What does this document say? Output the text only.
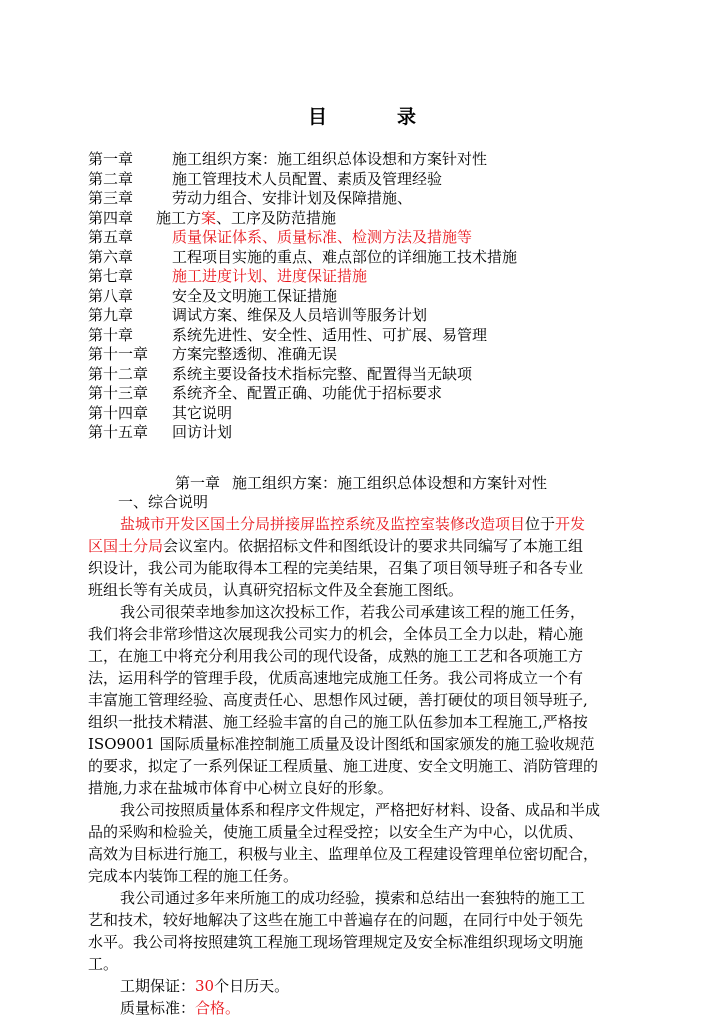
目	录
第一章	施工组织方案：施工组织总体设想和方案针对性
第二章	施工管理技术人员配置、素质及管理经验
第三章	劳动力组合、安排计划及保障措施、
第四章 施工方案、工序及防范措施
第五章	质量保证体系、质量标准、检测方法及措施等
第六章	工程项目实施的重点、难点部位的详细施工技术措施
第七章	施工进度计划、进度保证措施
第八章	安全及文明施工保证措施
第九章	调试方案、维保及人员培训等服务计划
第十章	系统先进性、安全性、适用性、可扩展、易管理
第十一章 方案完整透彻、准确无误
第十二章 系统主要设备技术指标完整、配置得当无缺项
第十三章 系统齐全、配置正确、功能优于招标要求
第十四章 其它说明
第十五章 回访计划
第一章 施工组织方案：施工组织总体设想和方案针对性
一、综合说明
盐城市开发区国土分局拼接屏监控系统及监控室装修改造项目位于开发
区国土分局会议室内。依据招标文件和图纸设计的要求共同编写了本施工组
织设计，我公司为能取得本工程的完美结果，召集了项目领导班子和各专业
班组长等有关成员，认真研究招标文件及全套施工图纸。
我公司很荣幸地参加这次投标工作，若我公司承建该工程的施工任务，
我们将会非常珍惜这次展现我公司实力的机会，全体员工全力以赴，精心施
工，在施工中将充分利用我公司的现代设备，成熟的施工工艺和各项施工方
法，运用科学的管理手段，优质高速地完成施工任务。我公司将成立一个有
丰富施工管理经验、高度责任心、思想作风过硬，善打硬仗的项目领导班子,
组织一批技术精湛、施工经验丰富的自己的施工队伍参加本工程施工,严格按
ISO9001 国际质量标准控制施工质量及设计图纸和国家颁发的施工验收规范
的要求，拟定了一系列保证工程质量、施工进度、安全文明施工、消防管理的
措施,力求在盐城市体育中心树立良好的形象。
我公司按照质量体系和程序文件规定，严格把好材料、设备、成品和半成
品的采购和检验关，使施工质量全过程受控；以安全生产为中心，以优质、
高效为目标进行施工，积极与业主、监理单位及工程建设管理单位密切配合，
完成本内装饰工程的施工任务。
我公司通过多年来所施工的成功经验，摸索和总结出一套独特的施工工
艺和技术，较好地解决了这些在施工中普遍存在的问题，在同行中处于领先
水平。我公司将按照建筑工程施工现场管理规定及安全标准组织现场文明施
工。
工期保证：30个日历天。
质量标准：合格。
